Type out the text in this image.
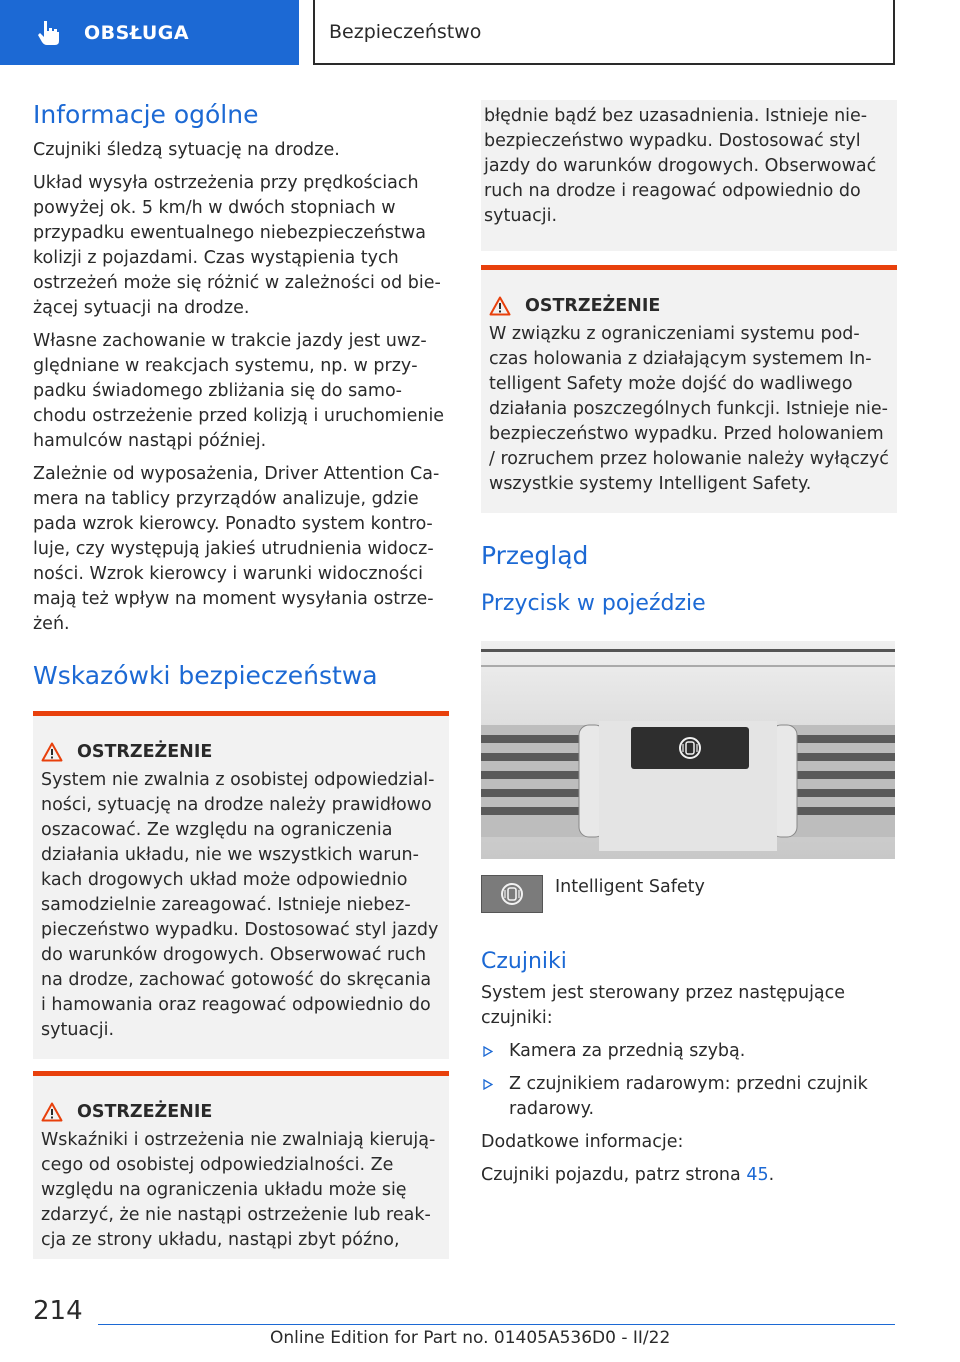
OBSŁUGA	Bezpieczeństwo
Informacje ogólne

Czujniki śledzą sytuację na drodze.

Układ wysyła ostrzeżenia przy prędkościach powyżej ok. 5 km/h w dwóch stopniach w przypadku ewentualnego niebezpieczeństwa kolizji z pojazdami. Czas wystąpienia tych ostrzeżeń może się różnić w zależności od bieżącej sytuacji na drodze.

Własne zachowanie w trakcie jazdy jest uwzględniane w reakcjach systemu, np. w przypadku świadomego zbliżania się do samochodu ostrzeżenie przed kolizją i uruchomienie hamulców nastąpi później.

Zależnie od wyposażenia, Driver Attention Camera na tablicy przyrządów analizuje, gdzie pada wzrok kierowcy. Ponadto system kontroluje, czy występują jakieś utrudnienia widoczności. Wzrok kierowcy i warunki widoczności mają też wpływ na moment wysyłania ostrzeżeń.

Wskazówki bezpieczeństwa
OSTRZEŻENIE

System nie zwalnia z osobistej odpowiedzialności, sytuację na drodze należy prawidłowo oszacować. Ze względu na ograniczenia działania układu, nie we wszystkich warunkach drogowych układ może odpowiednio samodzielnie zareagować. Istnieje niebezpieczeństwo wypadku. Dostosować styl jazdy do warunków drogowych. Obserwować ruch na drodze, zachować gotowość do skręcania i hamowania oraz reagować odpowiednio do sytuacji.

OSTRZEŻENIE

Wskaźniki i ostrzeżenia nie zwalniają kierującego od osobistej odpowiedzialności. Ze względu na ograniczenia układu może się zdarzyć, że nie nastąpi ostrzeżenie lub reakcja ze strony układu, nastąpi zbyt późno,

błędnie bądź bez uzasadnienia. Istnieje niebezpieczeństwo wypadku. Dostosować styl jazdy do warunków drogowych. Obserwować ruch na drodze i reagować odpowiednio do sytuacji.

OSTRZEŻENIE

W związku z ograniczeniami systemu podczas holowania z działającym systemem Intelligent Safety może dojść do wadliwego działania poszczególnych funkcji. Istnieje niebezpieczeństwo wypadku. Przed holowaniem / rozruchem przez holowanie należy wyłączyć wszystkie systemy Intelligent Safety.

Przegląd
Przycisk w pojeździe
Intelligent Safety
Czujniki

System jest sterowany przez następujące czujniki:

Kamera za przednią szybą.
Z czujnikiem radarowym: przedni czujnik radarowy.

Dodatkowe informacje:

Czujniki pojazdu, patrz strona 45.

214
Online Edition for Part no. 01405A536D0 - II/22
